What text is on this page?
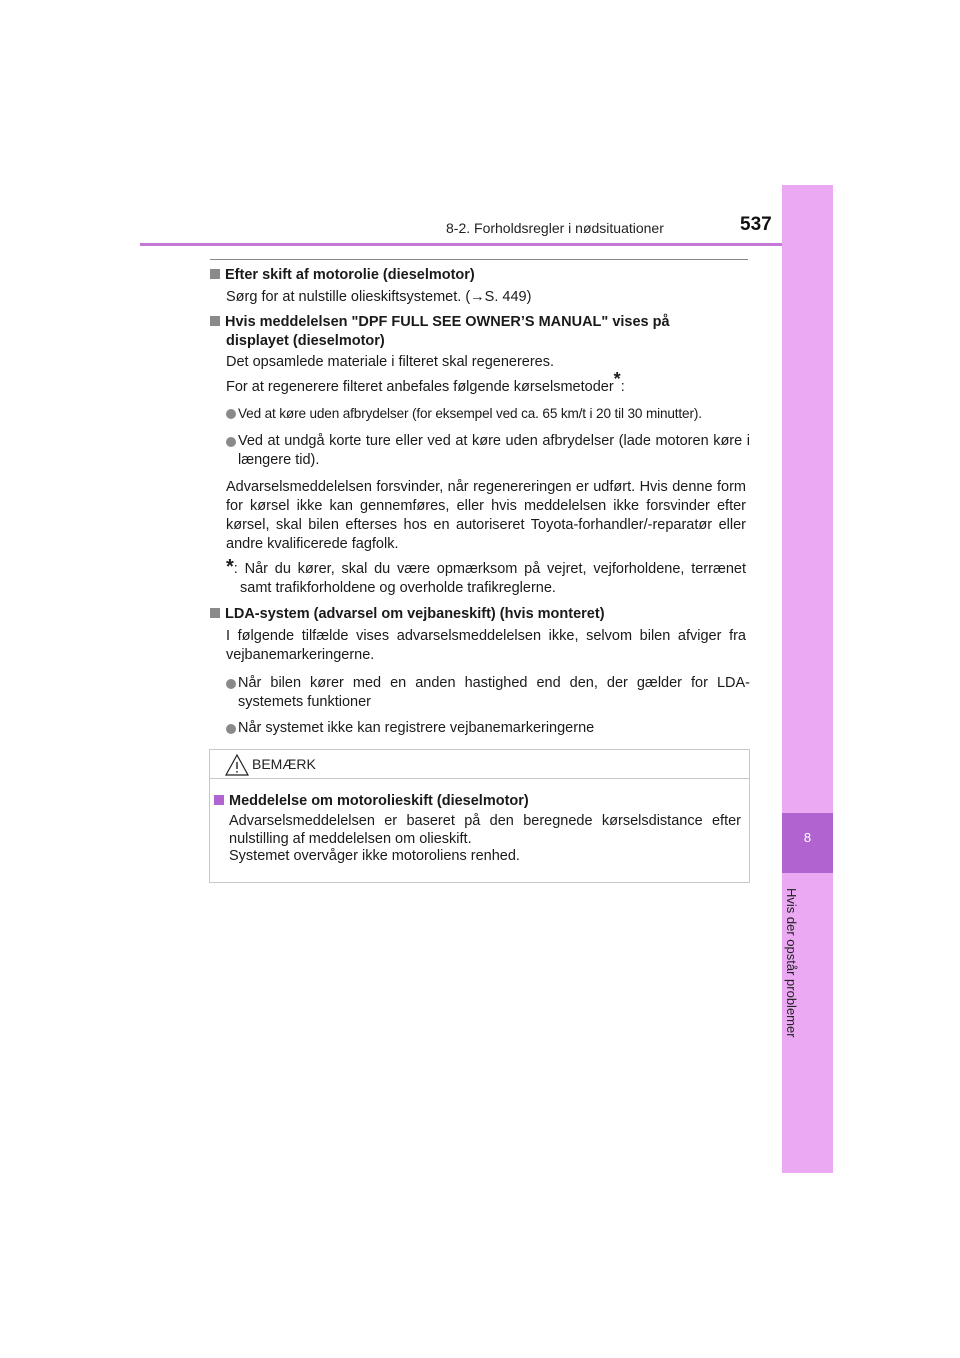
8-2. Forholdsregler i nødsituationer	537
8
Hvis der opstår problemer

Efter skift af motorolie (dieselmotor)

Sørg for at nulstille olieskiftsystemet. (→S. 449)

Hvis meddelelsen "DPF FULL SEE OWNER’S MANUAL" vises på

displayet (dieselmotor)

Det opsamlede materiale i filteret skal regenereres.

For at regenerere filteret anbefales følgende kørselsmetoder*:

Ved at køre uden afbrydelser (for eksempel ved ca. 65 km/t i 20 til 30 minutter).

Ved at undgå korte ture eller ved at køre uden afbrydelser (lade motoren køre i længere tid).

Advarselsmeddelelsen forsvinder, når regenereringen er udført. Hvis denne form for kørsel ikke kan gennemføres, eller hvis meddelelsen ikke forsvinder efter kørsel, skal bilen efterses hos en autoriseret Toyota-forhandler/-reparatør eller andre kvalificerede fagfolk.

*: Når du kører, skal du være opmærksom på vejret, vejforholdene, terrænet samt trafikforholdene og overholde trafikreglerne.

LDA-system (advarsel om vejbaneskift) (hvis monteret)

I følgende tilfælde vises advarselsmeddelelsen ikke, selvom bilen afviger fra vejbanemarkeringerne.

Når bilen kører med en anden hastighed end den, der gælder for LDA-systemets funktioner

Når systemet ikke kan registrere vejbanemarkeringerne

BEMÆRK

Meddelelse om motorolieskift (dieselmotor)

Advarselsmeddelelsen er baseret på den beregnede kørselsdistance efter nulstilling af meddelelsen om olieskift.

Systemet overvåger ikke motoroliens renhed.
